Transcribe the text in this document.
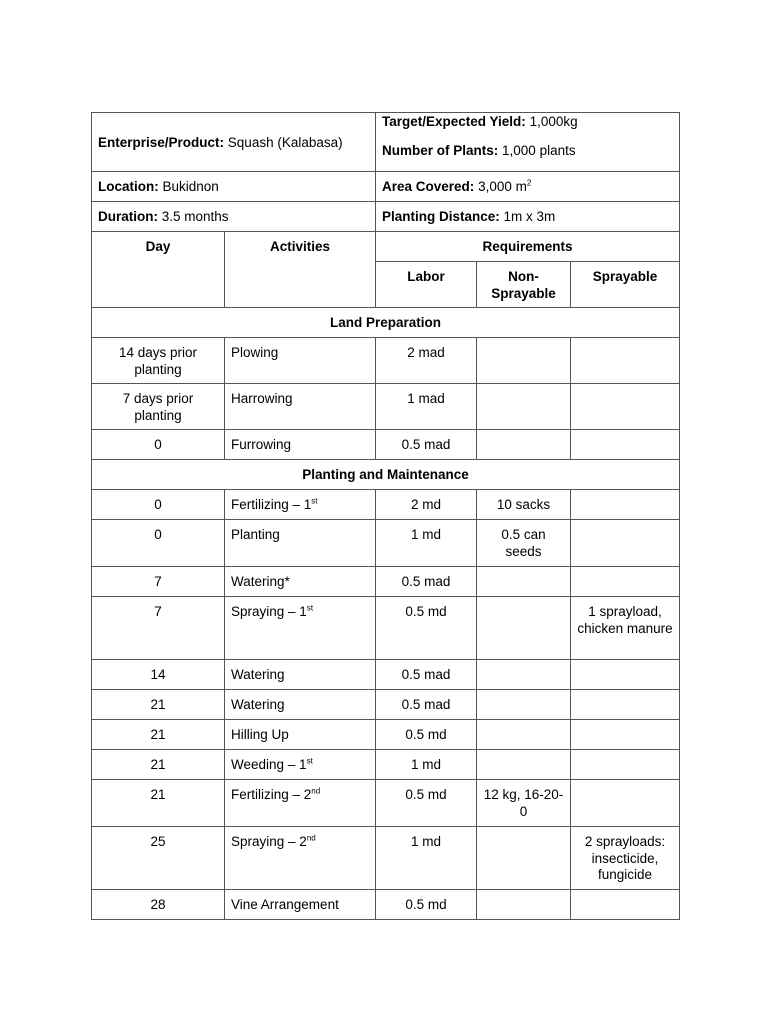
Enterprise/Product: Squash (Kalabasa)		Target/Expected Yield: 1,000kg
Number of Plants: 1,000 plants		

Location: Bukidnon		Area Covered: 3,000 $m^2$
Duration: 3.5 months		Planting Distance: 1m x 3m		
Day	Activities	Requirements		
		Labor	Non-Sprayable	Sprayable
Land Preparation				
14 days prior planting	Plowing	2 mad		
7 days prior planting	Harrowing	1 mad		
0	Furrowing	0.5 mad		
Planting and Maintenance				
0	Fertilizing – 1st	2 md	10 sacks	
0	Planting	1 md	0.5 can seeds	
7	Watering*	0.5 mad		
7	Spraying – 1st	0.5 md		1 sprayload, chicken manure
14	Watering	0.5 mad		
21	Watering	0.5 mad		
21	Hilling Up	0.5 md		
21	Weeding – 1st	1 md		
21	Fertilizing – 2nd	0.5 md	12 kg, 16-20-0	
25	Spraying – 2nd	1 md		2 sprayloads: insecticide, fungicide
28	Vine Arrangement	0.5 md		
